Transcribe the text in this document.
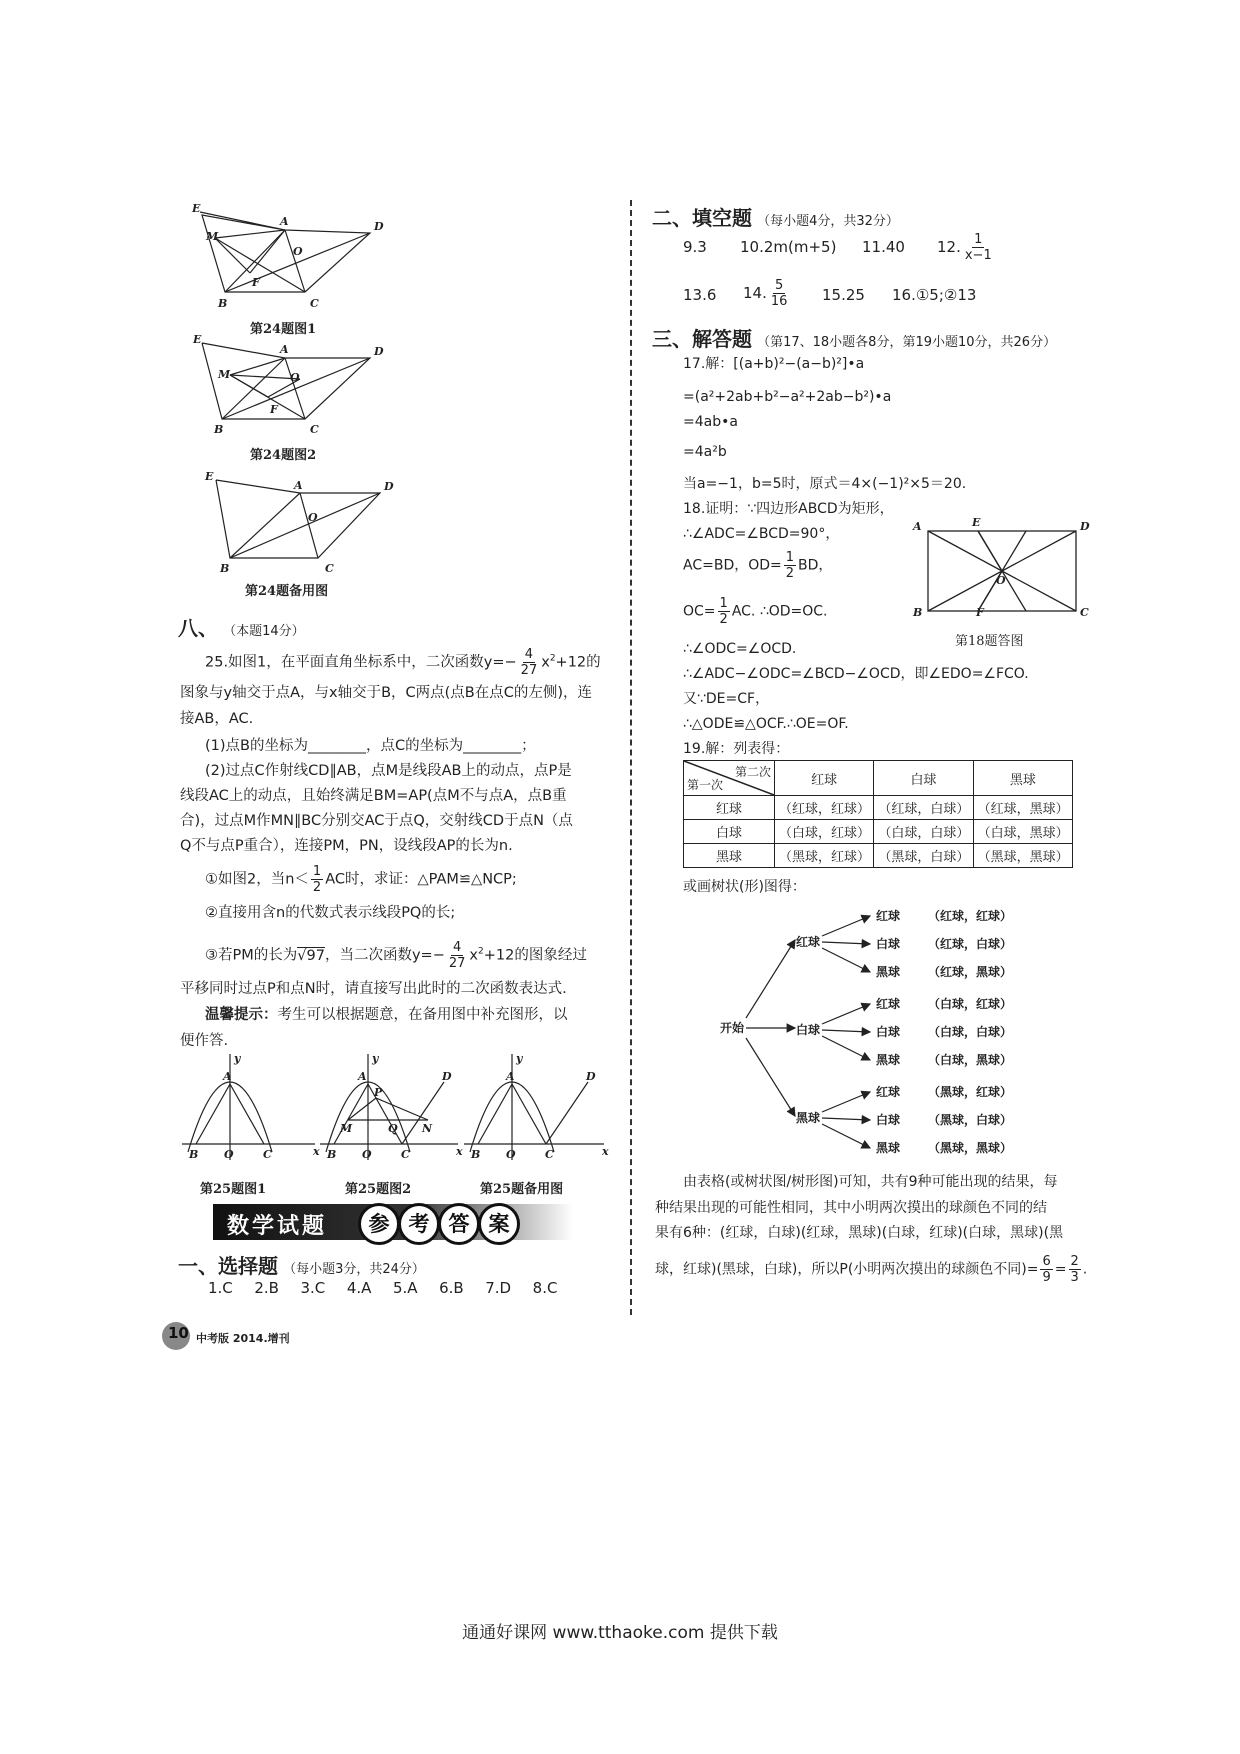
E
A	D
M
O
F
B	C
第24题图1
E
A	D
M	O
F
B	C
第24题图2
E
A	D
O
B	C
第24题备用图
八、 （本题14分）
25.如图1，在平面直角坐标系中，二次函数$y=- \frac{4}{27} x^2+12$的
图象与y轴交于点A，与x轴交于B，C两点(点B在点C的左侧)，连
接AB，AC.
(1)点B的坐标为________，点C的坐标为________；
(2)过点C作射线CD∥AB，点M是线段AB上的动点，点P是
线段AC上的动点，且始终满足BM=AP(点M不与点A，点B重
合)，过点M作MN∥BC分别交AC于点Q，交射线CD于点N（点
Q不与点P重合），连接PM，PN，设线段AP的长为n.
①如图2，当$n< \frac{1}{2}$ AC时，求证：△PAM≌△NCP;
②直接用含n的代数式表示线段PQ的长;
③若PM的长为√97，当二次函数$y=- \frac{4}{27} x^2+12$的图象经过
平移同时过点P和点N时，请直接写出此时的二次函数表达式.
温馨提示：考生可以根据题意，在备用图中补充图形，以
便作答.
y
x
A
B O	C
y
x
D
A
P
M	Q N
B O	C
y
x
D
A
B O	C
第25题图1	第25题图2	第25题备用图
数学试题	参 考 答 案
一、选择题 （每小题3分，共24分）
1.C 2.B 3.C 4.A 5.A 6.B 7.D 8.C
10 中考版 2014.增刊
二、填空题 （每小题4分，共32分）
9.3 10.2m(m+5) 11.40 12. $\frac{1}{x-1}$
13.6 14. $\frac{5}{16} 15.25$ 16.①5;②13
三、解答题 （第17、18小题各8分，第19小题10分，共26分）
17.解：[(a+b)²−(a−b)²]•a
=(a²+2ab+b²−a²+2ab−b²)•a
=4ab•a
=4a²b
当a=−1，b=5时，原式＝4×(−1)²×5＝20.
18.证明：∵四边形ABCD为矩形，
∴∠ADC=∠BCD=90°，
AC=BD，$OD= \frac{1}{2}$ BD，
$OC= \frac{1}{2}$ AC. ∴OD=OC.
∴∠ODC=∠OCD.
∴∠ADC−∠ODC=∠BCD−∠OCD，即∠EDO=∠FCO.
又∵DE=CF，
∴△ODE≌△OCF.∴OE=OF.
A	E	D
O
B	F	C
第18题答图
19.解：列表得：
第二次
第一次	红球	白球	黑球
红球	（红球，红球）	（红球，白球）	（红球，黑球）
白球	（白球，红球）	（白球，白球）	（白球，黑球）
黑球	（黑球，红球）	（黑球，白球）	（黑球，黑球）
或画树状(形)图得：
开始
红球
白球
黑球
红球
白球
黑球
红球
白球
黑球
红球
白球
黑球
（红球，红球）
（红球，白球）
（红球，黑球）
（白球，红球）
（白球，白球）
（白球，黑球）
（黑球，红球）
（黑球，白球）
（黑球，黑球）
由表格(或树状图/树形图)可知，共有9种可能出现的结果，每
种结果出现的可能性相同，其中小明两次摸出的球颜色不同的结
果有6种：(红球，白球)(红球，黑球)(白球，红球)(白球，黑球)(黑
球，红球)(黑球，白球)，所以P(小明两次摸出的球颜色不同)= $\frac{6}{9} = \frac{2}{3}$ .
通通好课网 www.tthaoke.com 提供下载
